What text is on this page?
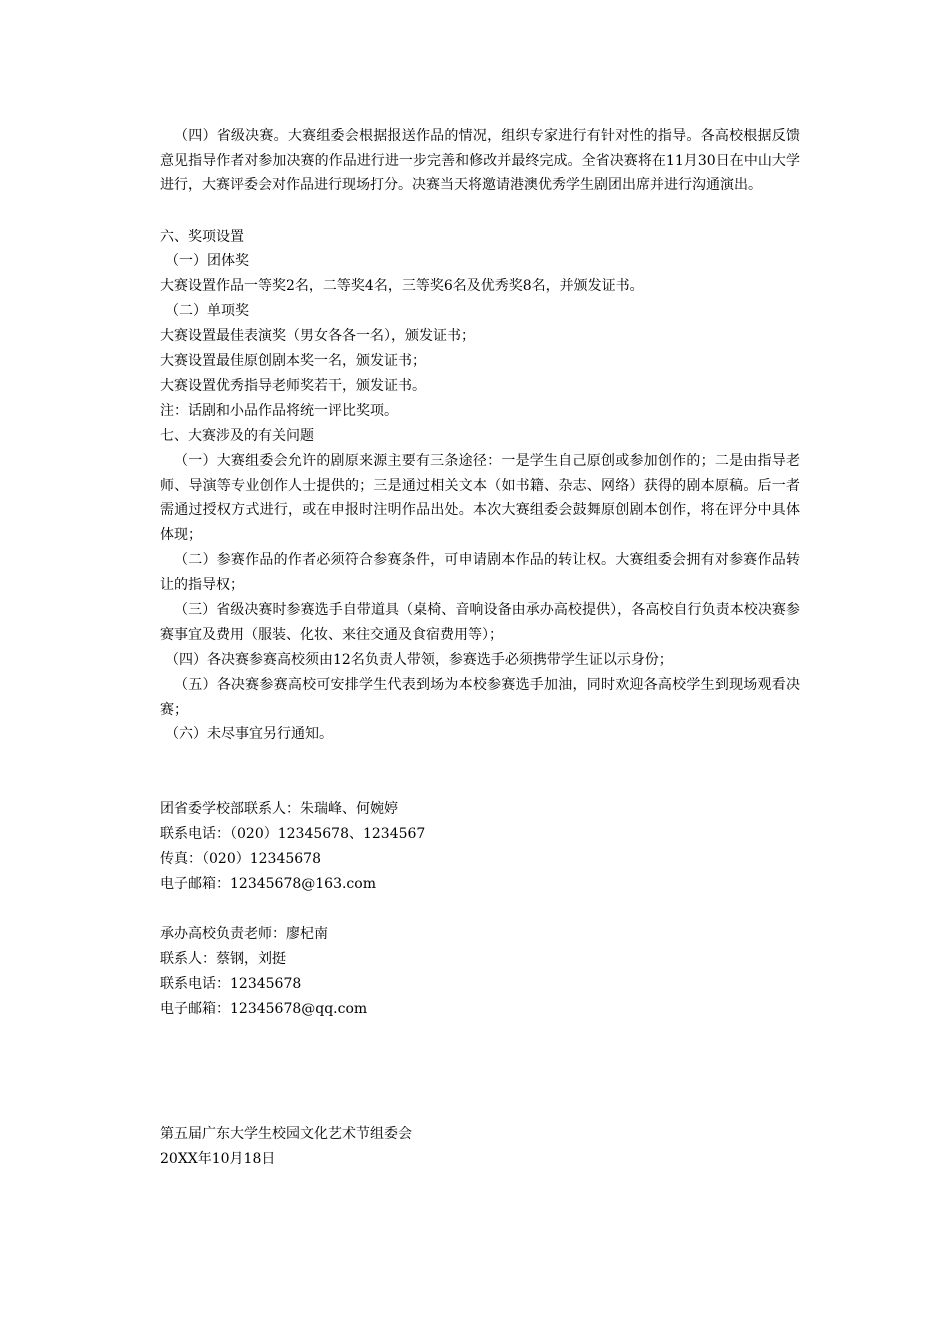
（四）省级决赛。大赛组委会根据报送作品的情况，组织专家进行有针对性的指导。各高校根据反馈意见指导作者对参加决赛的作品进行进一步完善和修改并最终完成。全省决赛将在11月30日在中山大学进行，大赛评委会对作品进行现场打分。决赛当天将邀请港澳优秀学生剧团出席并进行沟通演出。

六、奖项设置

（一）团体奖

大赛设置作品一等奖2名，二等奖4名，三等奖6名及优秀奖8名，并颁发证书。

（二）单项奖

大赛设置最佳表演奖（男女各各一名），颁发证书；

大赛设置最佳原创剧本奖一名，颁发证书；

大赛设置优秀指导老师奖若干，颁发证书。

注：话剧和小品作品将统一评比奖项。

七、大赛涉及的有关问题

（一）大赛组委会允许的剧原来源主要有三条途径：一是学生自己原创或参加创作的；二是由指导老师、导演等专业创作人士提供的；三是通过相关文本（如书籍、杂志、网络）获得的剧本原稿。后一者需通过授权方式进行，或在申报时注明作品出处。本次大赛组委会鼓舞原创剧本创作，将在评分中具体体现；

（二）参赛作品的作者必须符合参赛条件，可申请剧本作品的转让权。大赛组委会拥有对参赛作品转让的指导权；

（三）省级决赛时参赛选手自带道具（桌椅、音响设备由承办高校提供），各高校自行负责本校决赛参赛事宜及费用（服装、化妆、来往交通及食宿费用等）；

（四）各决赛参赛高校须由12名负责人带领，参赛选手必须携带学生证以示身份；

（五）各决赛参赛高校可安排学生代表到场为本校参赛选手加油，同时欢迎各高校学生到现场观看决赛；

（六）未尽事宜另行通知。

团省委学校部联系人：朱瑞峰、何婉婷

联系电话：（020）12345678、1234567

传真：（020）12345678

电子邮箱：12345678@163.com

承办高校负责老师：廖杞南

联系人：蔡钢，刘挺

联系电话：12345678

电子邮箱：12345678@qq.com

第五届广东大学生校园文化艺术节组委会

20XX年10月18日
